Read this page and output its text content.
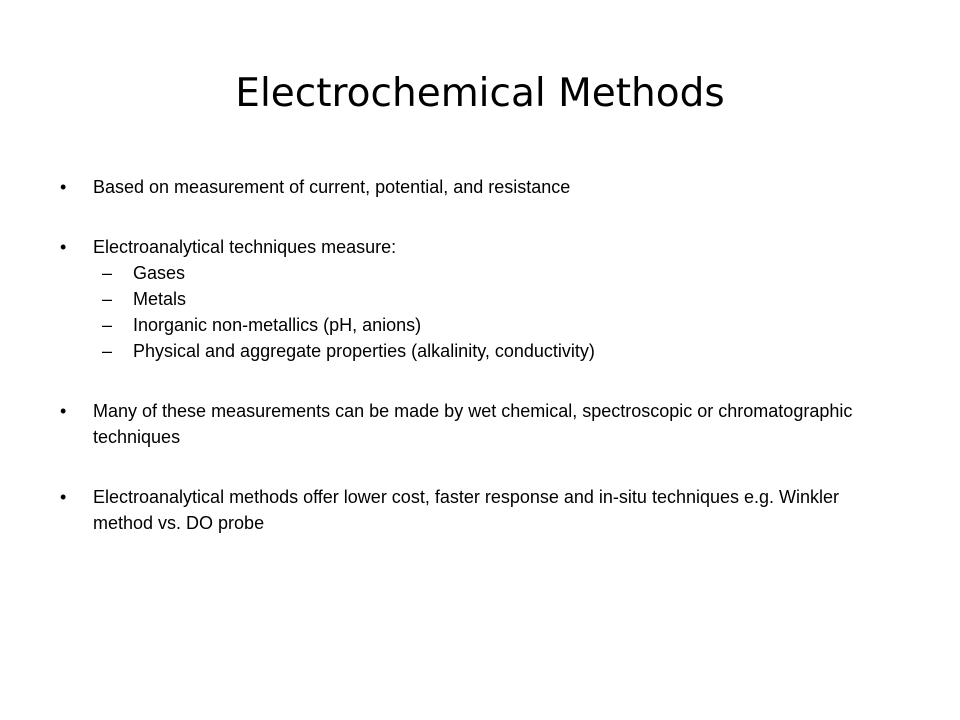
Electrochemical Methods
• Based on measurement of current, potential, and resistance
• Electroanalytical techniques measure:
– Gases
– Metals
– Inorganic non-metallics (pH, anions)
– Physical and aggregate properties (alkalinity, conductivity)
• Many of these measurements can be made by wet chemical, spectroscopic or chromatographic techniques
• Electroanalytical methods offer lower cost, faster response and in-situ techniques e.g. Winkler method vs. DO probe
